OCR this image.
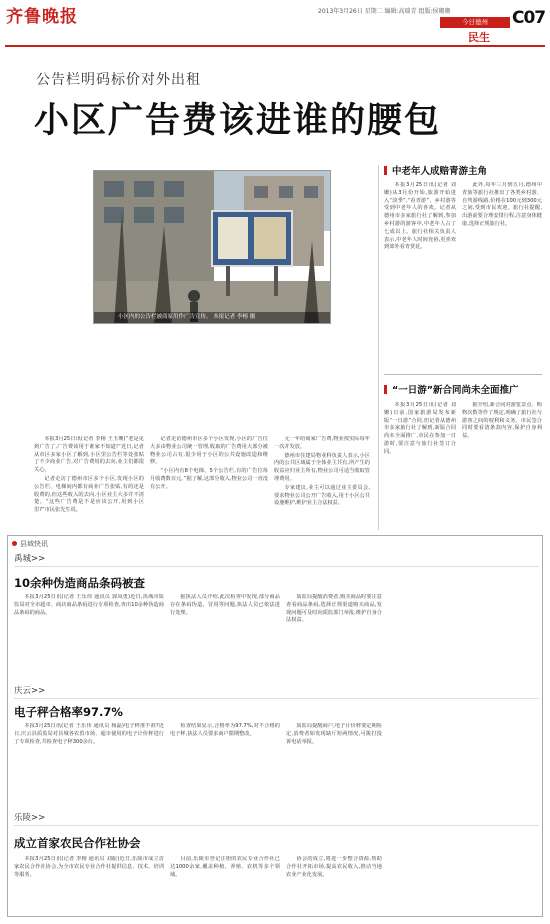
齐鲁晚报	2013年3月26日 星期二 编辑:高瑞青 组版:侯珊珊
今日德州
民生
C07
公告栏明码标价对外出租
小区广告费该进谁的腰包
小区内的公告栏被商家用作广告宣传。 本报记者 李榕 摄

本报3月25日讯(记者 李榕 王玉珊)“老是见到广告了,广告费该用于谁家不知道!”近日,记者从市区多家小区了解到,小区里公告栏等处张贴了不少商业广告,对广告费用的去向,业主们都很关心。

记者走访了德州市区多个小区,发现小区的公告栏、电梯间内都有商业广告张贴,有的还是收费的,但这些收入的去向,小区业主大多并不清楚。“这些广告费是不是应该公开,用到小区里?”市民张先生说。

记者走访德州市区多个小区发现,小区的广告位大多由物业公司统一管理,收取的广告费用大部分被物业公司占有,很少用于小区的公共设施改造和维修。

“小区内有8个电梯、5个公告栏,有的广告位每月收费数百元。”据了解,这部分收入,物业公司一直没有公开。

元一年给商家广告费,物业按实际每年一次并发放。

德州市住建局物业科负责人表示,小区内的公共区域属于全体业主共有,所产生的收益应归业主所有,物业公司可适当收取管理费用。

专家建议,业主可以通过业主委员会,要求物业公司公开广告收入,用于小区公共设施维护,维护业主合法权益。

中老年人成赔青游主角

本报3月25日讯(记者 刘姗)从3月份开始,旅游开始进入“淡季”,“看青游”、乡村游等受到中老年人的喜欢。记者从德州市多家旅行社了解到,参加乡村游的游客中,中老年人占了七成以上。旅行社相关负责人表示,中老年人时间充裕,更喜欢到郊外看青赏花。

此外,每年三月到五月,德州中青旅等旅行社推出了各类乡村游、自驾游线路,价格在100元到300元之间,受到市民欢迎。旅行社提醒,出游前要合理安排行程,注意身体健康,选择正规旅行社。

“一日游”新合同尚未全面推广

本报3月25日讯(记者 刘姗)日前,国家旅游局发布新版“一日游”合同,但记者从德州市多家旅行社了解到,新版合同尚未全面推广,市民在参加一日游时,要注意与旅行社签订合同。

据介绍,新合同对游览景点、购物次数等作了规定,明确了旅行社与游客之间的权利和义务。市民签合同时要看清条款内容,保护自身利益。

县域快讯
禹城>>
10余种伪造商品条码被查

本报3月25日讯(记者 王乐伟 通讯员 郭凤勇)近日,禹城市质监局对全市超市、商店商品条码进行专项检查,查出10余种伪造商品条码的商品。

据执法人员介绍,此次检查中发现,部分商品存在条码伪造、冒用等问题,执法人员已依法进行处理。

质监局提醒消费者,购买商品时要注意查看商品条码,选择正规渠道购买商品,发现问题可及时向质监部门举报,维护自身合法权益。

庆云>>
电子秤合格率97.7%

本报3月25日讯(记者 王乐伟 通讯员 杨磊)电子秤准不准?近日,庆云县质监局对县城各农贸市场、超市使用的电子计价秤进行了专项检查,共检查电子秤300余台。

检查结果显示,合格率为97.7%,对不合格的电子秤,执法人员要求商户限期整改。

质监局提醒商户,电子计价秤要定期检定,消费者如发现缺斤短两情况,可拨打投诉电话举报。

乐陵>>
成立首家农民合作社协会

本报3月25日讯(记者 李榕 通讯员 刘振)近日,乐陵市成立首家农民合作社协会,为全市农民专业合作社提供信息、技术、培训等服务。

目前,乐陵市登记注册的农民专业合作社已达1000余家,覆盖种植、养殖、农机等多个领域。

协会的成立,将进一步整合资源,帮助合作社开拓市场,提高农民收入,推动当地农业产业化发展。
